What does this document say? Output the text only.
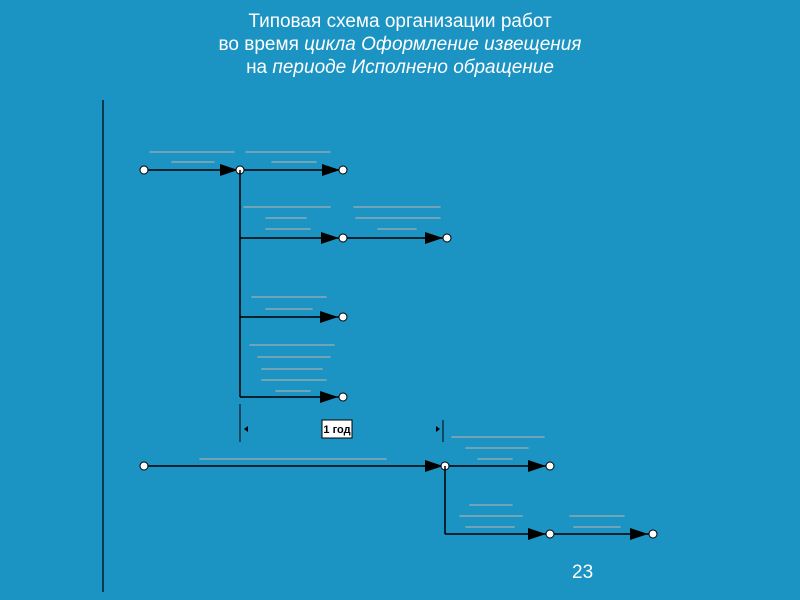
Типовая схема организации работ
во время цикла Оформление извещения
на периоде Исполнено обращение
1 год
23
